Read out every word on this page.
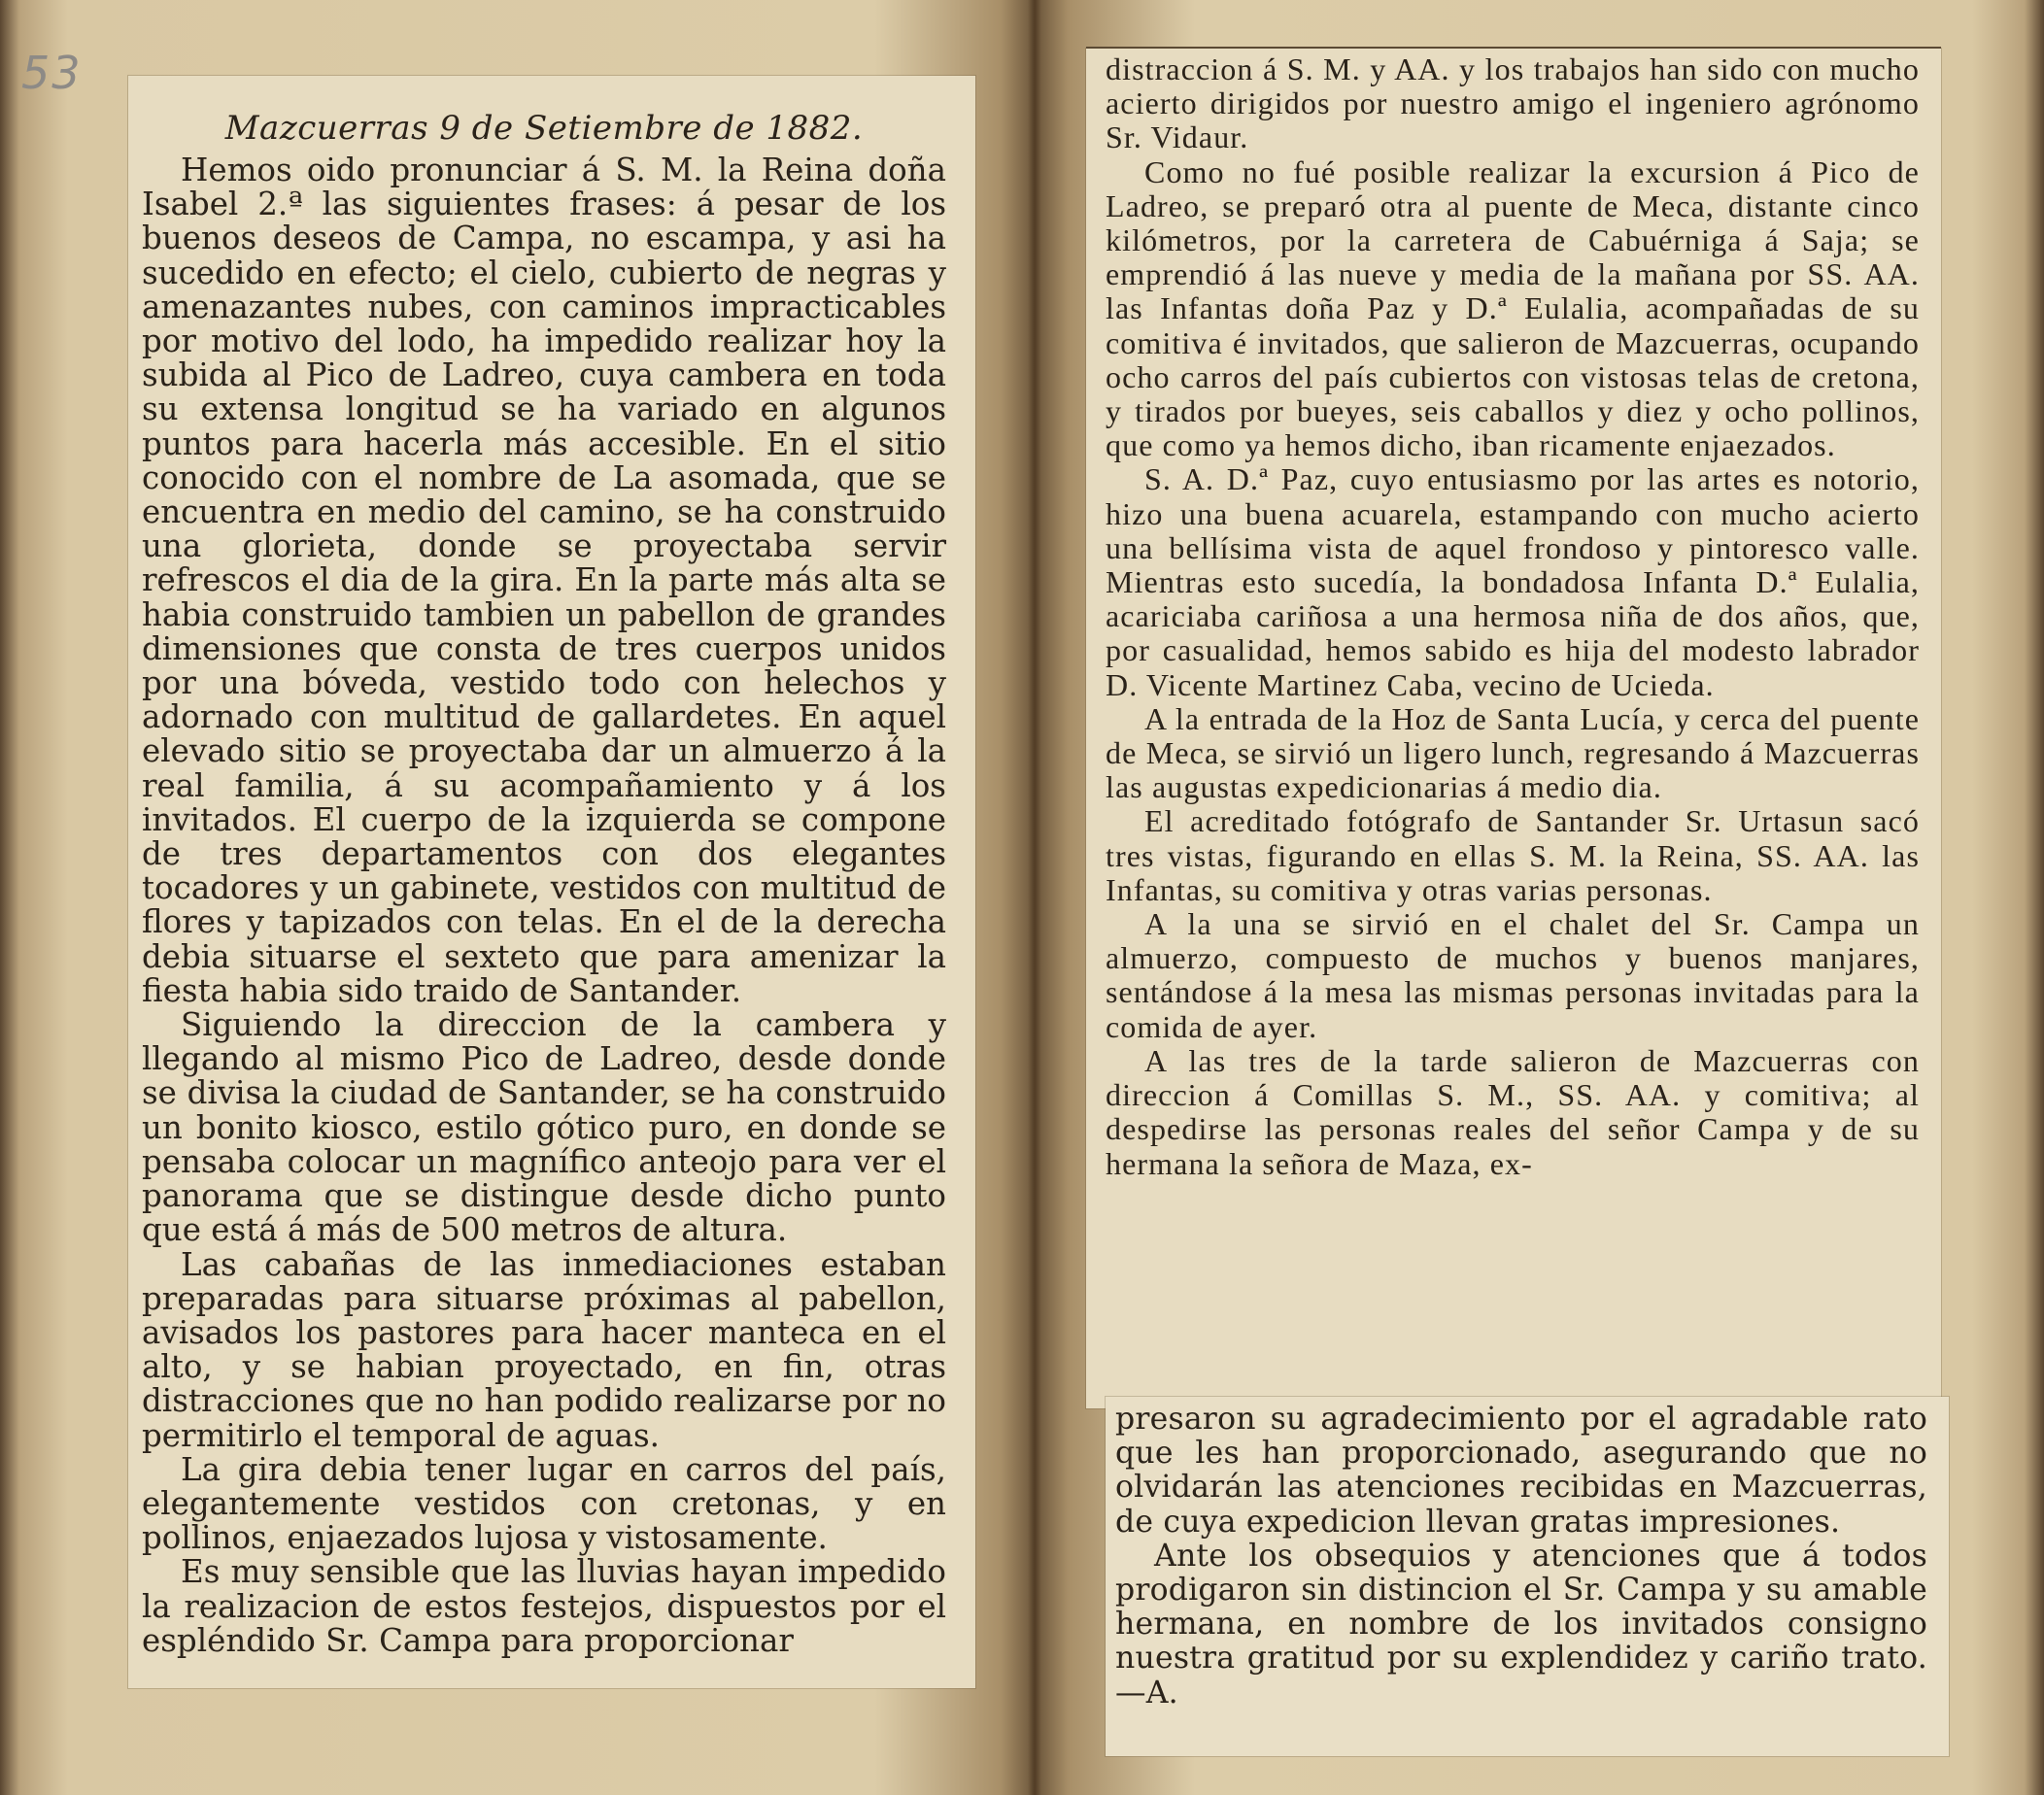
53
Mazcuerras 9 de Setiembre de 1882.

Hemos oido pronunciar á S. M. la Reina doña Isabel 2.ª las siguientes frases: á pesar de los buenos deseos de Campa, no escampa, y asi ha sucedido en efecto; el cielo, cubierto de negras y amenazantes nubes, con caminos impracticables por motivo del lodo, ha impedido realizar hoy la subida al Pico de Ladreo, cuya cambera en toda su extensa longitud se ha variado en algunos puntos para hacerla más accesible. En el sitio conocido con el nombre de La asomada, que se encuentra en medio del camino, se ha construido una glorieta, donde se proyectaba servir refrescos el dia de la gira. En la parte más alta se habia construido tambien un pabellon de grandes dimensiones que consta de tres cuerpos unidos por una bóveda, vestido todo con helechos y adornado con multitud de gallardetes. En aquel elevado sitio se proyectaba dar un almuerzo á la real familia, á su acompañamiento y á los invitados. El cuerpo de la izquierda se compone de tres departamentos con dos elegantes tocadores y un gabinete, vestidos con multitud de flores y tapizados con telas. En el de la derecha debia situarse el sexteto que para amenizar la fiesta habia sido traido de Santander.

Siguiendo la direccion de la cambera y llegando al mismo Pico de Ladreo, desde donde se divisa la ciudad de Santander, se ha construido un bonito kiosco, estilo gótico puro, en donde se pensaba colocar un magnífico anteojo para ver el panorama que se distingue desde dicho punto que está á más de 500 metros de altura.

Las cabañas de las inmediaciones estaban preparadas para situarse próximas al pabellon, avisados los pastores para hacer manteca en el alto, y se habian proyectado, en fin, otras distracciones que no han podido realizarse por no permitirlo el temporal de aguas.

La gira debia tener lugar en carros del país, elegantemente vestidos con cretonas, y en pollinos, enjaezados lujosa y vistosamente.

Es muy sensible que las lluvias hayan impedido la realizacion de estos festejos, dispuestos por el espléndido Sr. Campa para proporcionar

distraccion á S. M. y AA. y los trabajos han sido con mucho acierto dirigidos por nuestro amigo el ingeniero agrónomo Sr. Vidaur.

Como no fué posible realizar la excursion á Pico de Ladreo, se preparó otra al puente de Meca, distante cinco kilómetros, por la carretera de Cabuérniga á Saja; se emprendió á las nueve y media de la mañana por SS. AA. las Infantas doña Paz y D.ª Eulalia, acompañadas de su comitiva é invitados, que salieron de Mazcuerras, ocupando ocho carros del país cubiertos con vistosas telas de cretona, y tirados por bueyes, seis caballos y diez y ocho pollinos, que como ya hemos dicho, iban ricamente enjaezados.

S. A. D.ª Paz, cuyo entusiasmo por las artes es notorio, hizo una buena acuarela, estampando con mucho acierto una bellísima vista de aquel frondoso y pintoresco valle. Mientras esto sucedía, la bondadosa Infanta D.ª Eulalia, acariciaba cariñosa a una hermosa niña de dos años, que, por casualidad, hemos sabido es hija del modesto labrador D. Vicente Martinez Caba, vecino de Ucieda.

A la entrada de la Hoz de Santa Lucía, y cerca del puente de Meca, se sirvió un ligero lunch, regresando á Mazcuerras las augustas expedicionarias á medio dia.

El acreditado fotógrafo de Santander Sr. Urtasun sacó tres vistas, figurando en ellas S. M. la Reina, SS. AA. las Infantas, su comitiva y otras varias personas.

A la una se sirvió en el chalet del Sr. Campa un almuerzo, compuesto de muchos y buenos manjares, sentándose á la mesa las mismas personas invitadas para la comida de ayer.

A las tres de la tarde salieron de Mazcuerras con direccion á Comillas S. M., SS. AA. y comitiva; al despedirse las personas reales del señor Campa y de su hermana la señora de Maza, ex-

presaron su agradecimiento por el agradable rato que les han proporcionado, asegurando que no olvidarán las atenciones recibidas en Mazcuerras, de cuya expedicion llevan gratas impresiones.

Ante los obsequios y atenciones que á todos prodigaron sin distincion el Sr. Campa y su amable hermana, en nombre de los invitados consigno nuestra gratitud por su explendidez y cariño trato.—A.
